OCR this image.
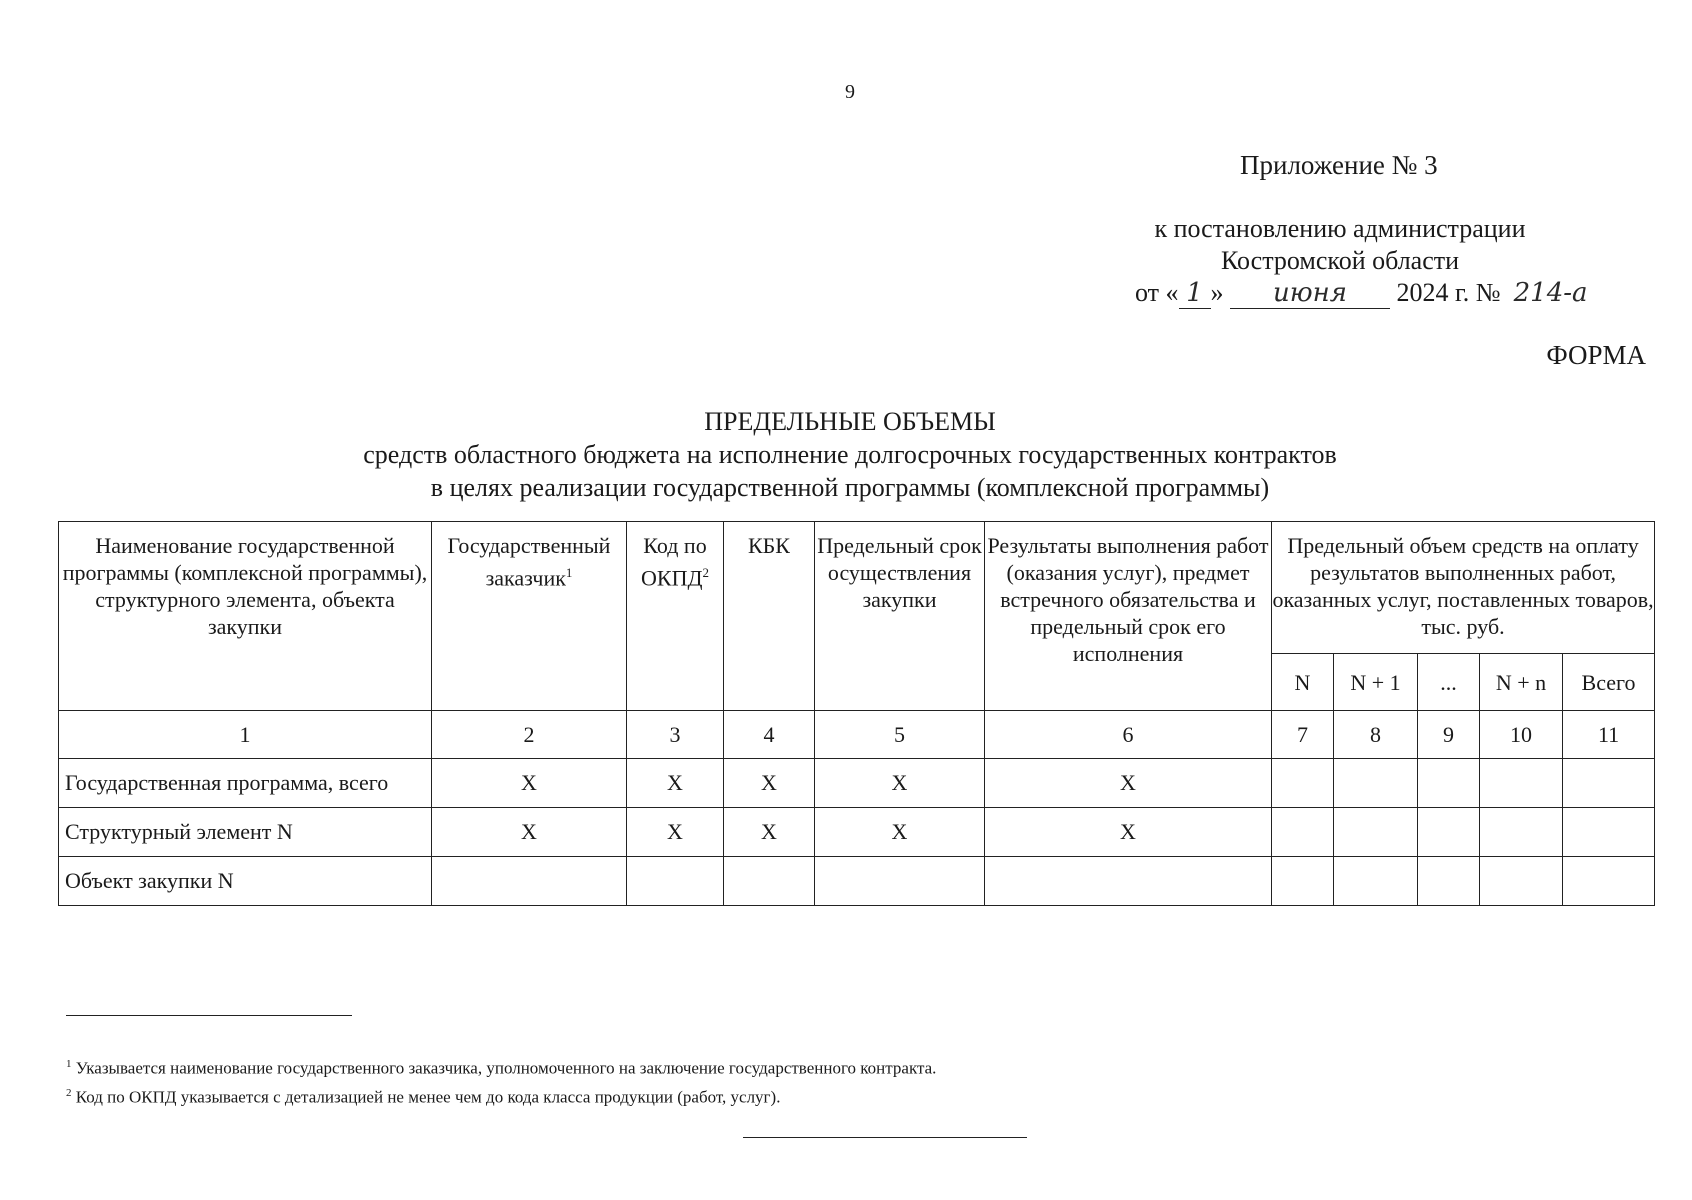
9
Приложение № 3
к постановлению администрации
Костромской области
от « 1 » июня 2024 г. № 214-а
ФОРМА
ПРЕДЕЛЬНЫЕ ОБЪЕМЫ
средств областного бюджета на исполнение долгосрочных государственных контрактов
в целях реализации государственной программы (комплексной программы)
Наименование государственной программы (комплексной программы), структурного элемента, объекта закупки	Государственный заказчик$^1$	Код по ОКПД$^2$	КБК	Предельный срок осуществления закупки	Результаты выполнения работ (оказания услуг), предмет встречного обязательства и предельный срок его исполнения	Предельный объем средств на оплату результатов выполненных работ, оказанных услуг, поставленных товаров, тыс. руб.				
						N	N + 1	...	N + n	Всего
1	2	3	4	5	6	7	8	9	10	11
Государственная программа, всего	X	X	X	X	X					
Структурный элемент N	X	X	X	X	X					
Объект закупки N										
$^1$ Указывается наименование государственного заказчика, уполномоченного на заключение государственного контракта.
$^2$ Код по ОКПД указывается с детализацией не менее чем до кода класса продукции (работ, услуг).
